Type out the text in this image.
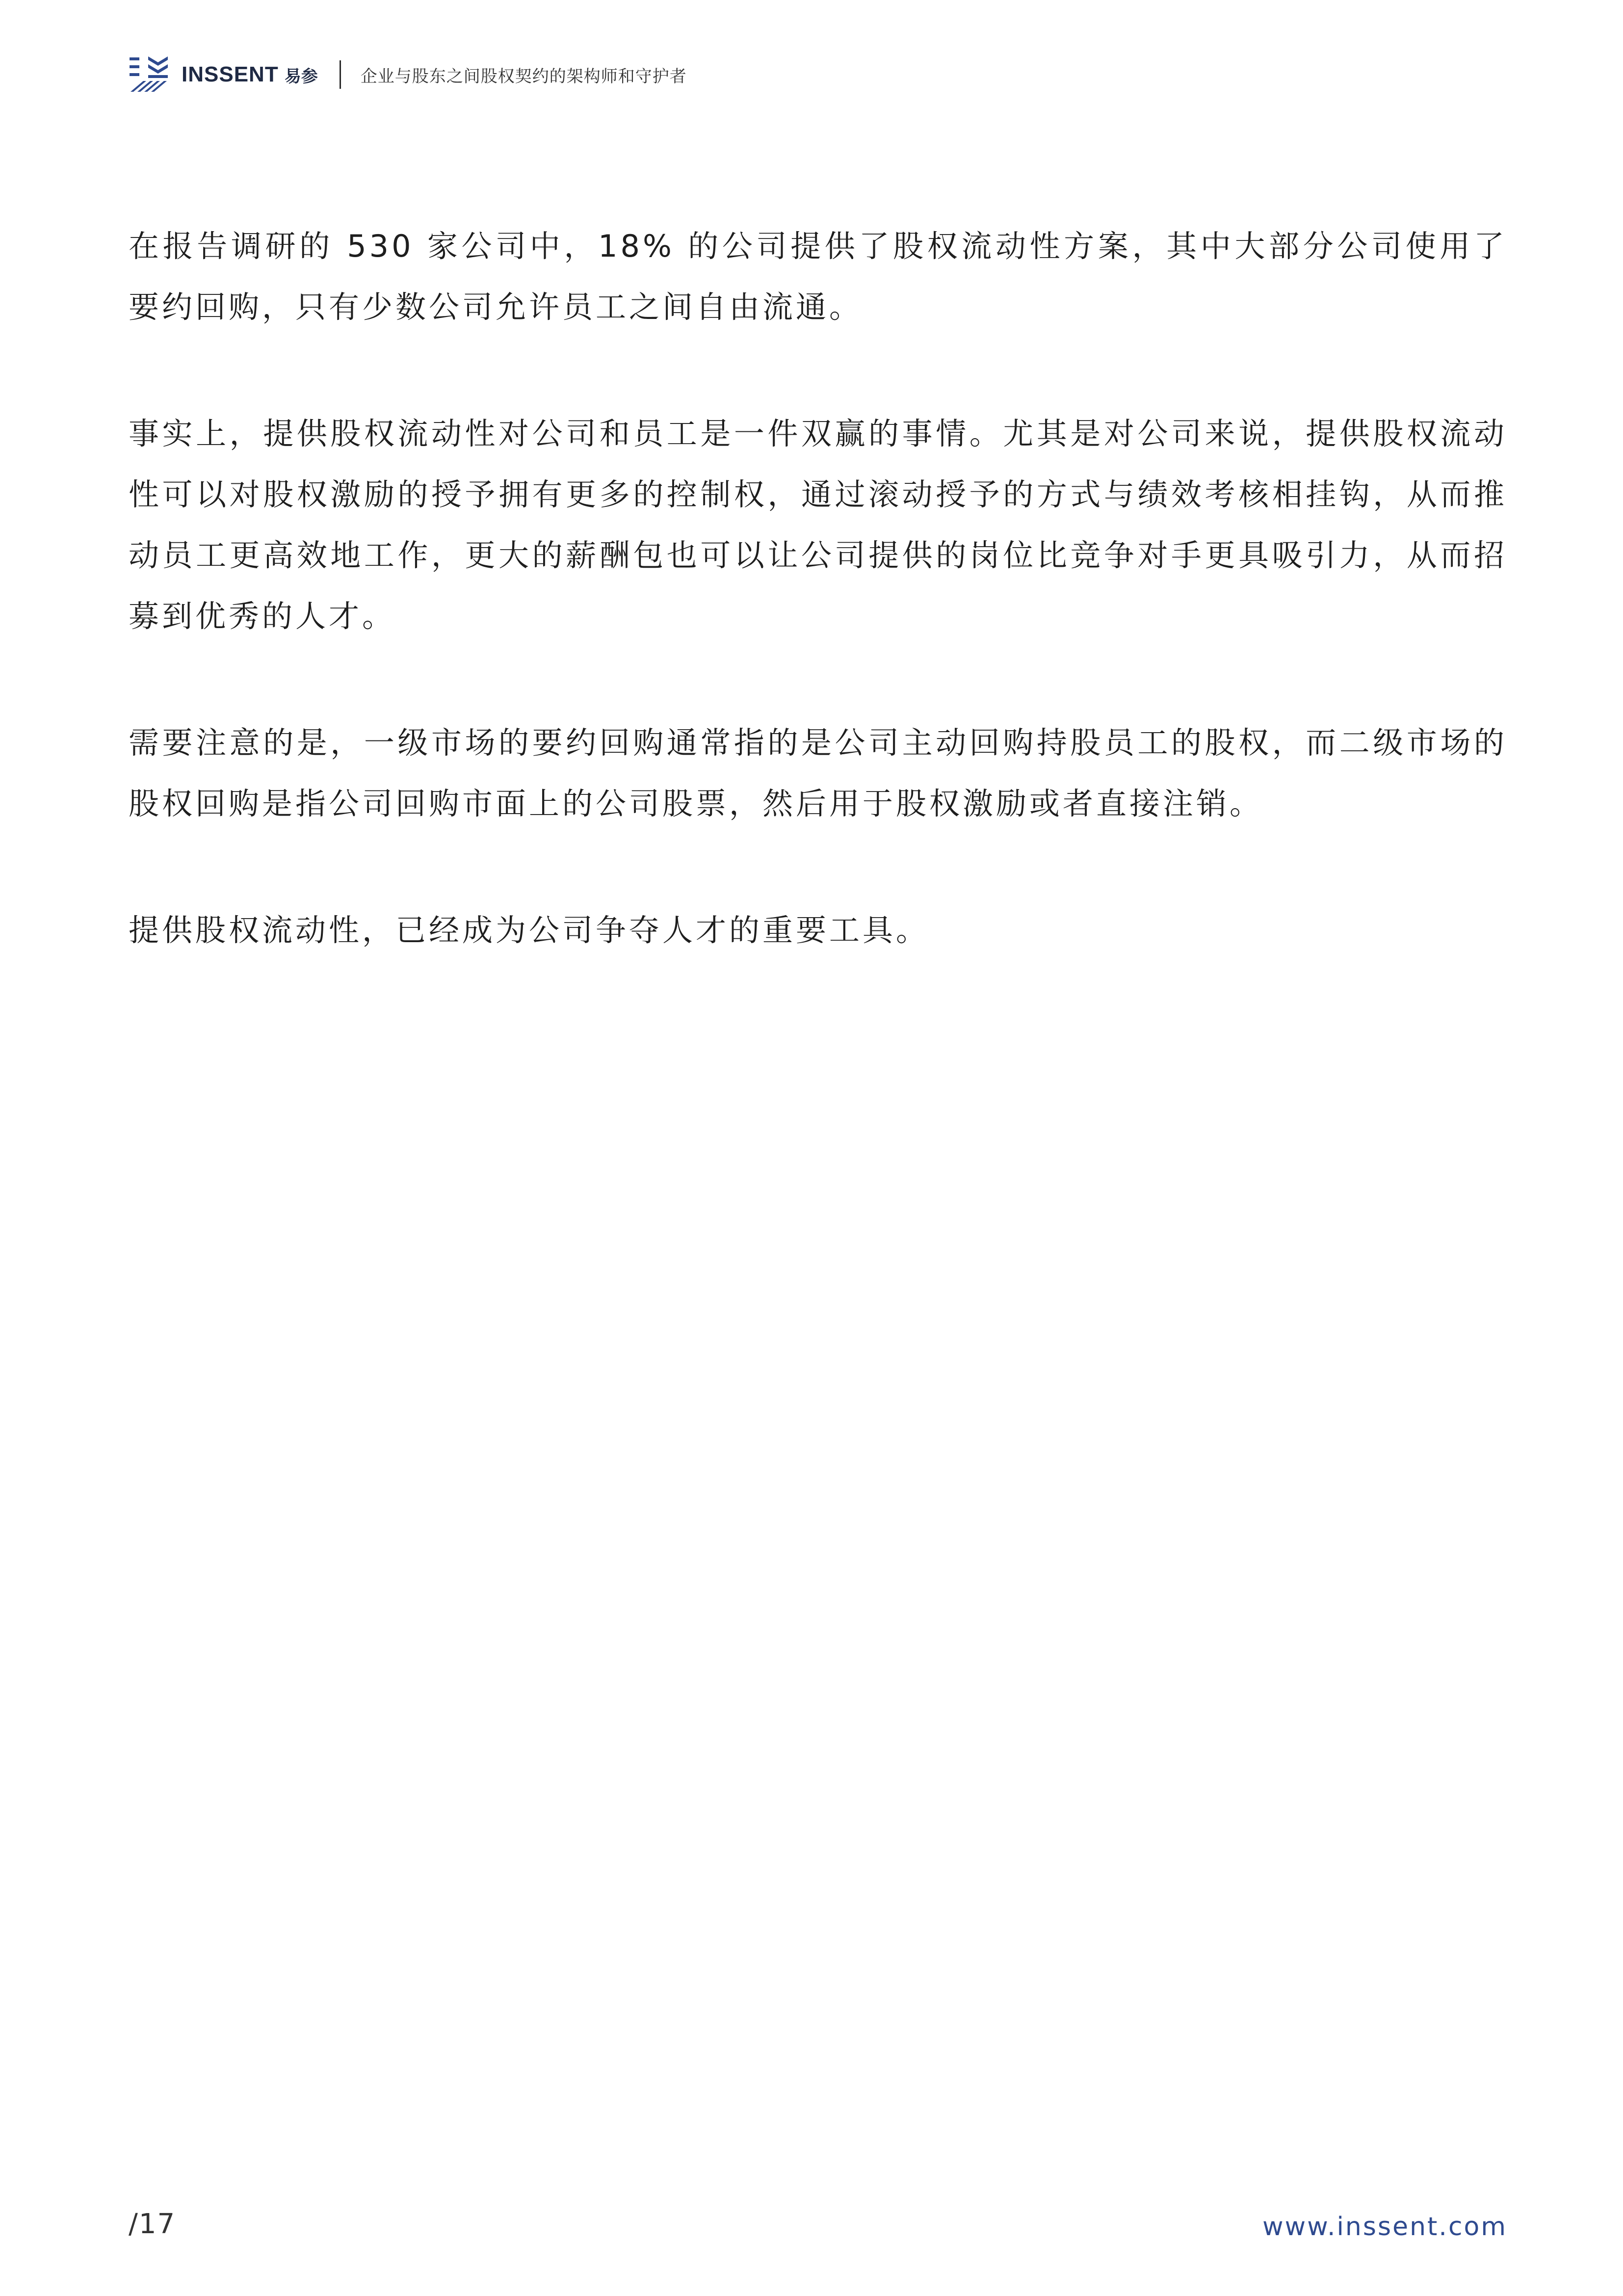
INSSENT 易参	企业与股东之间股权契约的架构师和守护者

在报告调研的 530 家公司中，18% 的公司提供了股权流动性方案，其中大部分公司使用了要约回购，只有少数公司允许员工之间自由流通。

事实上，提供股权流动性对公司和员工是一件双赢的事情。尤其是对公司来说，提供股权流动性可以对股权激励的授予拥有更多的控制权，通过滚动授予的方式与绩效考核相挂钩，从而推动员工更高效地工作，更大的薪酬包也可以让公司提供的岗位比竞争对手更具吸引力，从而招募到优秀的人才。

需要注意的是，一级市场的要约回购通常指的是公司主动回购持股员工的股权，而二级市场的股权回购是指公司回购市面上的公司股票，然后用于股权激励或者直接注销。

提供股权流动性，已经成为公司争夺人才的重要工具。

/17	www.inssent.com
